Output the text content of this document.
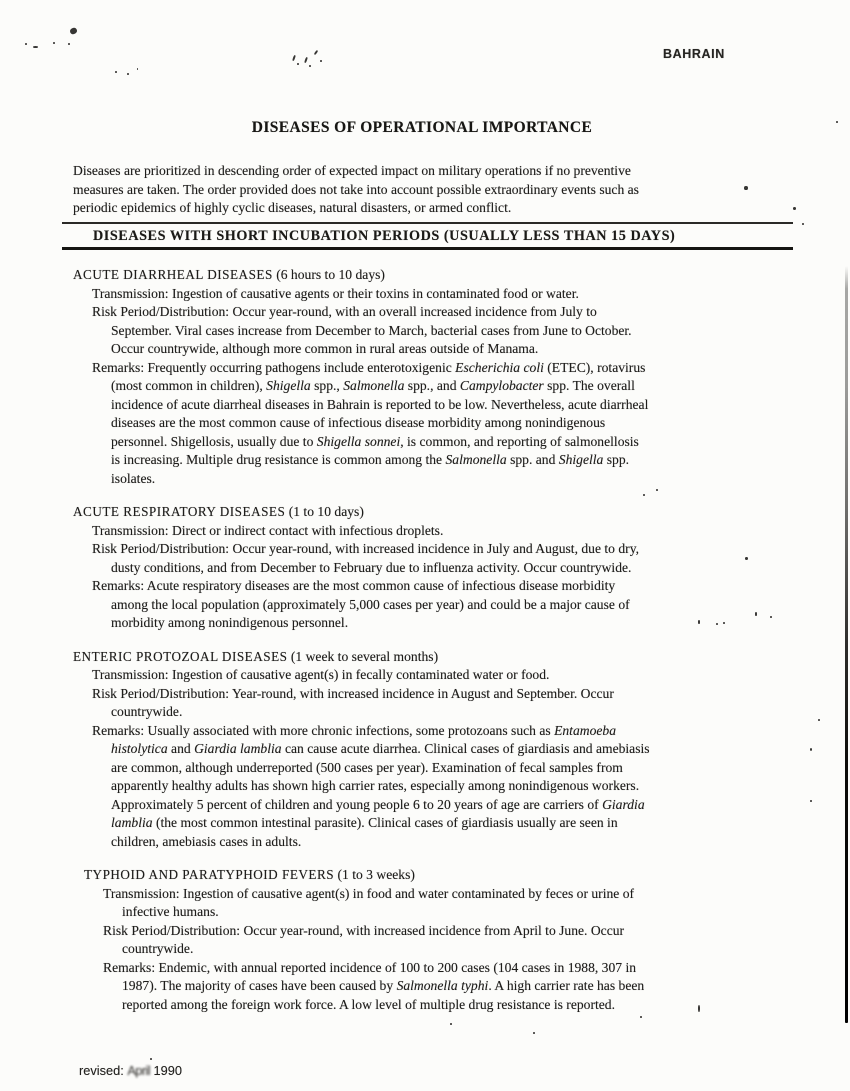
BAHRAIN
DISEASES OF OPERATIONAL IMPORTANCE
Diseases are prioritized in descending order of expected impact on military operations if no preventive
measures are taken. The order provided does not take into account possible extraordinary events such as
periodic epidemics of highly cyclic diseases, natural disasters, or armed conflict.
DISEASES WITH SHORT INCUBATION PERIODS (USUALLY LESS THAN 15 DAYS)
ACUTE DIARRHEAL DISEASES (6 hours to 10 days)
Transmission: Ingestion of causative agents or their toxins in contaminated food or water.
Risk Period/Distribution: Occur year-round, with an overall increased incidence from July to
September. Viral cases increase from December to March, bacterial cases from June to October.
Occur countrywide, although more common in rural areas outside of Manama.
Remarks: Frequently occurring pathogens include enterotoxigenic Escherichia coli (ETEC), rotavirus
(most common in children), Shigella spp., Salmonella spp., and Campylobacter spp. The overall
incidence of acute diarrheal diseases in Bahrain is reported to be low. Nevertheless, acute diarrheal
diseases are the most common cause of infectious disease morbidity among nonindigenous
personnel. Shigellosis, usually due to Shigella sonnei, is common, and reporting of salmonellosis
is increasing. Multiple drug resistance is common among the Salmonella spp. and Shigella spp.
isolates.
ACUTE RESPIRATORY DISEASES (1 to 10 days)
Transmission: Direct or indirect contact with infectious droplets.
Risk Period/Distribution: Occur year-round, with increased incidence in July and August, due to dry,
dusty conditions, and from December to February due to influenza activity. Occur countrywide.
Remarks: Acute respiratory diseases are the most common cause of infectious disease morbidity
among the local population (approximately 5,000 cases per year) and could be a major cause of
morbidity among nonindigenous personnel.
ENTERIC PROTOZOAL DISEASES (1 week to several months)
Transmission: Ingestion of causative agent(s) in fecally contaminated water or food.
Risk Period/Distribution: Year-round, with increased incidence in August and September. Occur
countrywide.
Remarks: Usually associated with more chronic infections, some protozoans such as Entamoeba
histolytica and Giardia lamblia can cause acute diarrhea. Clinical cases of giardiasis and amebiasis
are common, although underreported (500 cases per year). Examination of fecal samples from
apparently healthy adults has shown high carrier rates, especially among nonindigenous workers.
Approximately 5 percent of children and young people 6 to 20 years of age are carriers of Giardia
lamblia (the most common intestinal parasite). Clinical cases of giardiasis usually are seen in
children, amebiasis cases in adults.
TYPHOID AND PARATYPHOID FEVERS (1 to 3 weeks)
Transmission: Ingestion of causative agent(s) in food and water contaminated by feces or urine of
infective humans.
Risk Period/Distribution: Occur year-round, with increased incidence from April to June. Occur
countrywide.
Remarks: Endemic, with annual reported incidence of 100 to 200 cases (104 cases in 1988, 307 in
1987). The majority of cases have been caused by Salmonella typhi. A high carrier rate has been
reported among the foreign work force. A low level of multiple drug resistance is reported.
revised: April 1990
